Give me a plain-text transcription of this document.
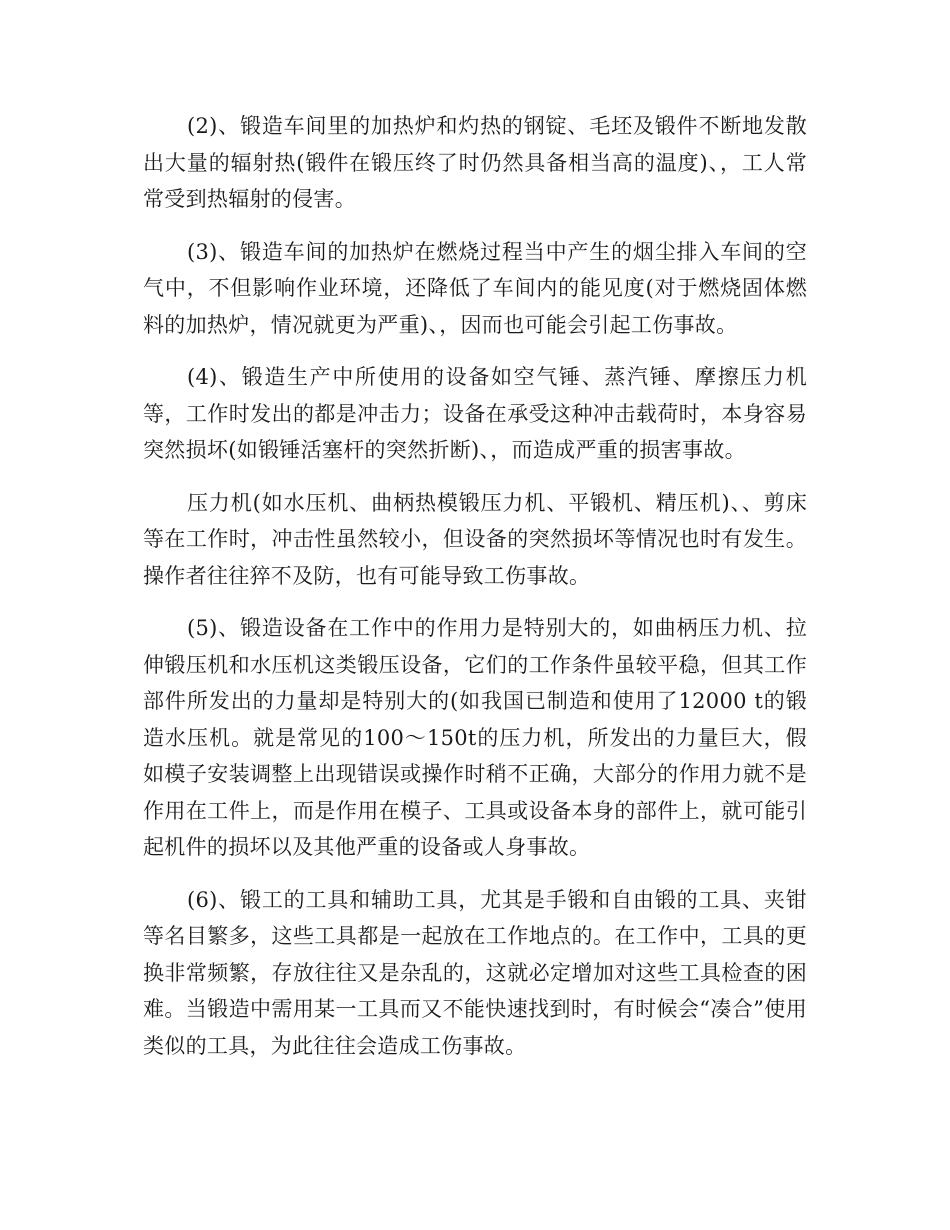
(2)、锻造车间里的加热炉和灼热的钢锭、毛坯及锻件不断地发散出大量的辐射热(锻件在锻压终了时仍然具备相当高的温度)、，工人常常受到热辐射的侵害。

(3)、锻造车间的加热炉在燃烧过程当中产生的烟尘排入车间的空气中，不但影响作业环境，还降低了车间内的能见度(对于燃烧固体燃料的加热炉，情况就更为严重)、，因而也可能会引起工伤事故。

(4)、锻造生产中所使用的设备如空气锤、蒸汽锤、摩擦压力机等，工作时发出的都是冲击力；设备在承受这种冲击载荷时，本身容易突然损坏(如锻锤活塞杆的突然折断)、，而造成严重的损害事故。

压力机(如水压机、曲柄热模锻压力机、平锻机、精压机)、、剪床等在工作时，冲击性虽然较小，但设备的突然损坏等情况也时有发生。操作者往往猝不及防，也有可能导致工伤事故。

(5)、锻造设备在工作中的作用力是特别大的，如曲柄压力机、拉伸锻压机和水压机这类锻压设备，它们的工作条件虽较平稳，但其工作部件所发出的力量却是特别大的(如我国已制造和使用了12000 t的锻造水压机。就是常见的100～150t的压力机，所发出的力量巨大，假如模子安装调整上出现错误或操作时稍不正确，大部分的作用力就不是作用在工件上，而是作用在模子、工具或设备本身的部件上，就可能引起机件的损坏以及其他严重的设备或人身事故。

(6)、锻工的工具和辅助工具，尤其是手锻和自由锻的工具、夹钳等名目繁多，这些工具都是一起放在工作地点的。在工作中，工具的更换非常频繁，存放往往又是杂乱的，这就必定增加对这些工具检查的困难。当锻造中需用某一工具而又不能快速找到时，有时候会“凑合”使用类似的工具，为此往往会造成工伤事故。
